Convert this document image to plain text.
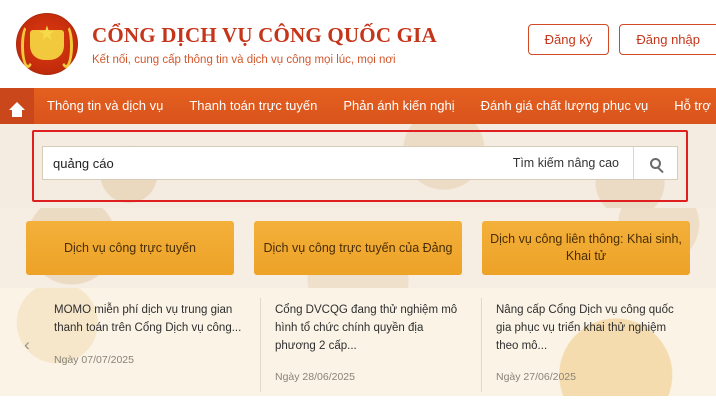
★ CỔNG DỊCH VỤ CÔNG QUỐC GIA
Kết nối, cung cấp thông tin và dịch vụ công mọi lúc, mọi nơi
Đăng ký	Đăng nhập
Thông tin và dịch vụ	Thanh toán trực tuyến	Phản ánh kiến nghị	Đánh giá chất lượng phục vụ	Hỗ trợ
quảng cáo
Tìm kiếm nâng cao
Dịch vụ công trực tuyến	Dịch vụ công trực tuyến của Đảng
Dịch vụ công liên thông: Khai sinh, Khai tử
‹
MOMO miễn phí dịch vụ trung gian thanh toán trên Cổng Dịch vụ công...
Ngày 07/07/2025
Cổng DVCQG đang thử nghiệm mô hình tổ chức chính quyền địa phương 2 cấp...
Ngày 28/06/2025
Nâng cấp Cổng Dịch vụ công quốc gia phục vụ triển khai thử nghiệm theo mô...
Ngày 27/06/2025
